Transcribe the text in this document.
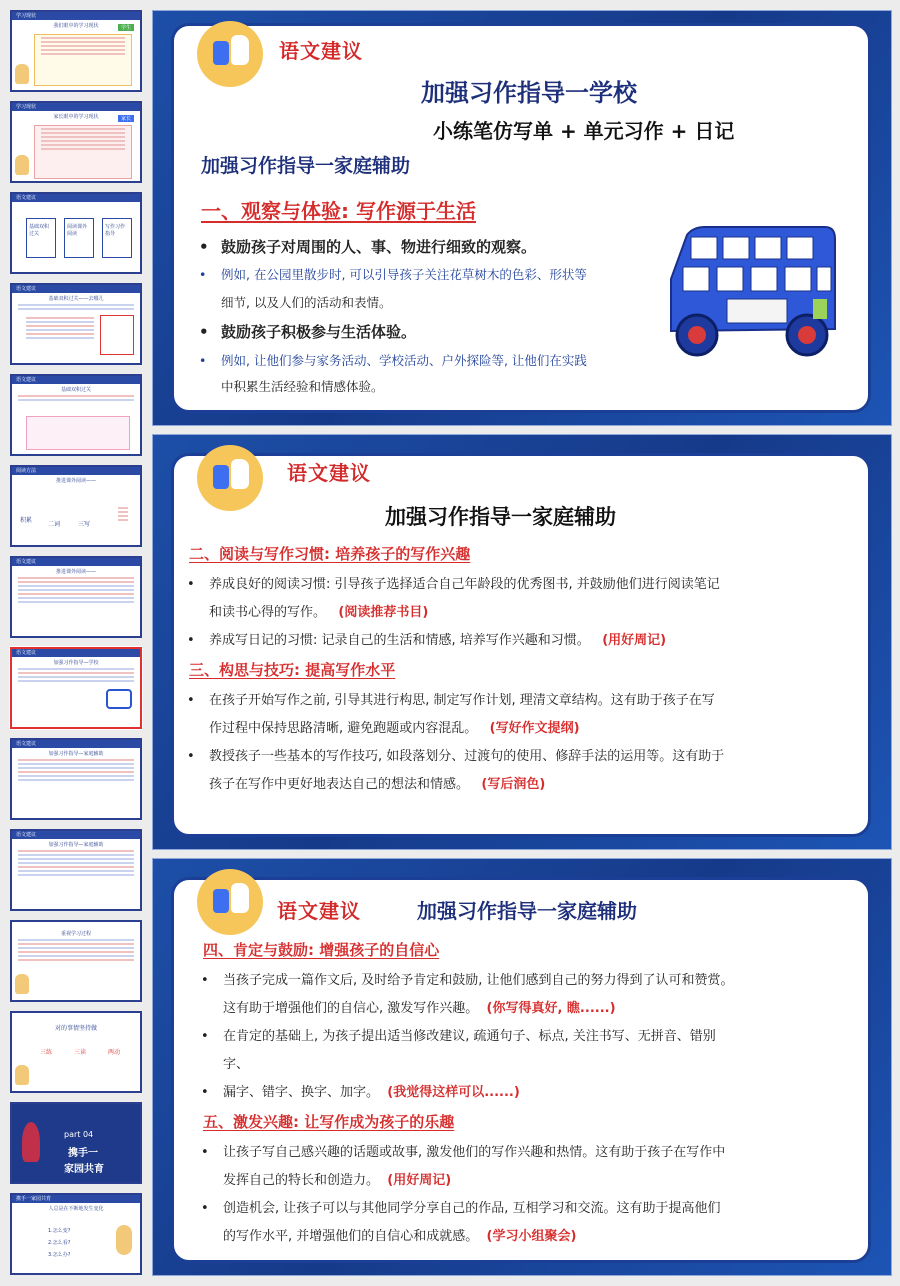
学习现状
我们眼中的学习现状	学生
学习现状
家长眼中的学习现状	家长
语文建议
基础双积过关
阅读课外阅读
写作习作指导
语文建议
基础双积过关——去哪儿
语文建议
基础双积过关
阅读方法
推进课外阅读——
积累
二词	三写
语文建议
推进课外阅读——
语文建议
加强习作指导—学校
语文建议
加强习作指导—家庭辅助
语文建议
加强习作指导—家庭辅助
重视学习过程
对的事情坚持做
三练	三读	两动
part 04
携手一
家园共育
携手一家园共育
人总是在不断地发生变化
1.怎么变?
2.怎么看?
3.怎么办?
语文建议
加强习作指导一学校
小练笔仿写单 + 单元习作 + 日记
加强习作指导一家庭辅助
一、观察与体验: 写作源于生活
• 鼓励孩子对周围的人、事、物进行细致的观察。
• 例如, 在公园里散步时, 可以引导孩子关注花草树木的色彩、形状等
细节, 以及人们的活动和表情。
• 鼓励孩子积极参与生活体验。
• 例如, 让他们参与家务活动、学校活动、户外探险等, 让他们在实践
中积累生活经验和情感体验。
语文建议
加强习作指导一家庭辅助
二、阅读与写作习惯: 培养孩子的写作兴趣
• 养成良好的阅读习惯: 引导孩子选择适合自己年龄段的优秀图书, 并鼓励他们进行阅读笔记
和读书心得的写作。 (阅读推荐书目)
• 养成写日记的习惯: 记录自己的生活和情感, 培养写作兴趣和习惯。 (用好周记)
三、构思与技巧: 提高写作水平
• 在孩子开始写作之前, 引导其进行构思, 制定写作计划, 理清文章结构。这有助于孩子在写
作过程中保持思路清晰, 避免跑题或内容混乱。 (写好作文提纲)
• 教授孩子一些基本的写作技巧, 如段落划分、过渡句的使用、修辞手法的运用等。这有助于
孩子在写作中更好地表达自己的想法和情感。 (写后润色)
语文建议	加强习作指导一家庭辅助
四、肯定与鼓励: 增强孩子的自信心
• 当孩子完成一篇作文后, 及时给予肯定和鼓励, 让他们感到自己的努力得到了认可和赞赏。
这有助于增强他们的自信心, 激发写作兴趣。 (你写得真好, 瞧......)
• 在肯定的基础上, 为孩子提出适当修改建议, 疏通句子、标点, 关注书写、无拼音、错别
字、
• 漏字、错字、换字、加字。 (我觉得这样可以......)
五、激发兴趣: 让写作成为孩子的乐趣
• 让孩子写自己感兴趣的话题或故事, 激发他们的写作兴趣和热情。这有助于孩子在写作中
发挥自己的特长和创造力。 (用好周记)
• 创造机会, 让孩子可以与其他同学分享自己的作品, 互相学习和交流。这有助于提高他们
的写作水平, 并增强他们的自信心和成就感。 (学习小组聚会)
